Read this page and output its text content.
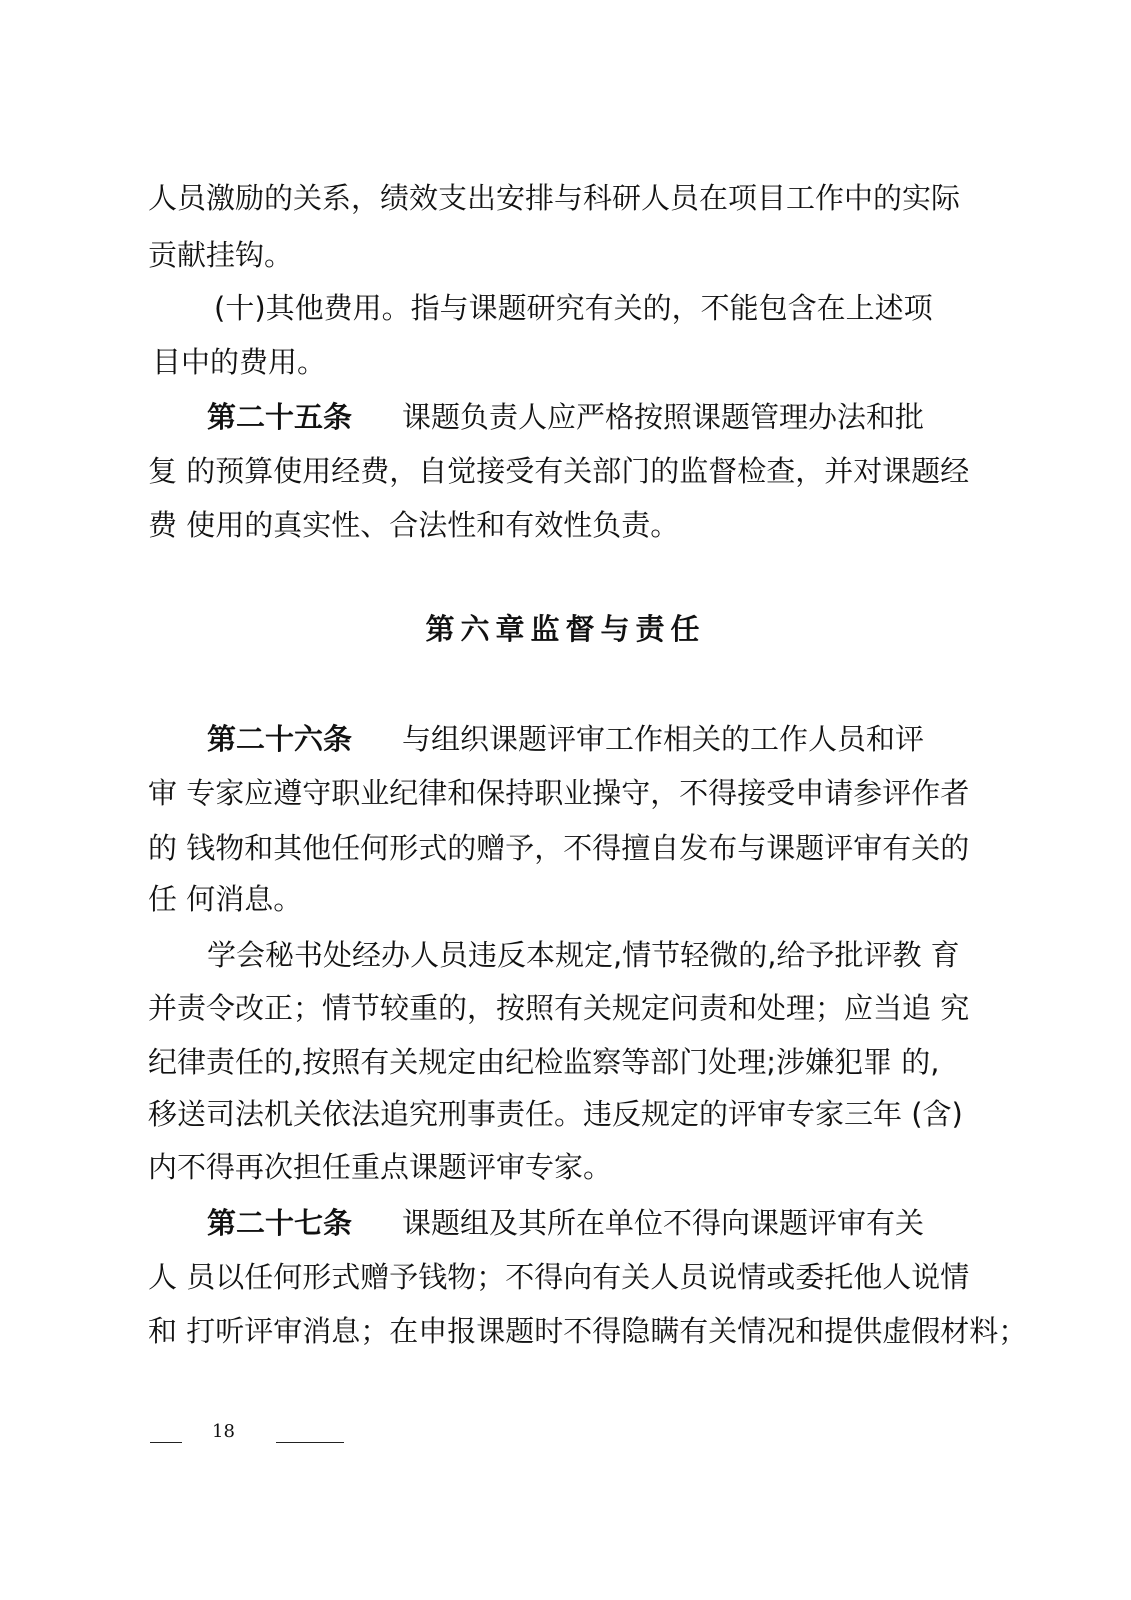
人员激励的关系，绩效支出安排与科研人员在项目工作中的实际
贡献挂钩。
(十)其他费用。指与课题研究有关的，不能包含在上述项
目中的费用。
第二十五条 课题负责人应严格按照课题管理办法和批
复 的预算使用经费，自觉接受有关部门的监督检查，并对课题经
费 使用的真实性、合法性和有效性负责。
第六章监督与责任
第二十六条 与组织课题评审工作相关的工作人员和评
审 专家应遵守职业纪律和保持职业操守，不得接受申请参评作者
的 钱物和其他任何形式的赠予，不得擅自发布与课题评审有关的
任 何消息。
学会秘书处经办人员违反本规定,情节轻微的,给予批评教 育
并责令改正；情节较重的，按照有关规定问责和处理；应当追 究
纪律责任的,按照有关规定由纪检监察等部门处理;涉嫌犯罪 的,
移送司法机关依法追究刑事责任。违反规定的评审专家三年 (含)
内不得再次担任重点课题评审专家。
第二十七条 课题组及其所在单位不得向课题评审有关
人 员以任何形式赠予钱物；不得向有关人员说情或委托他人说情
和 打听评审消息；在申报课题时不得隐瞒有关情况和提供虚假材料；
18
